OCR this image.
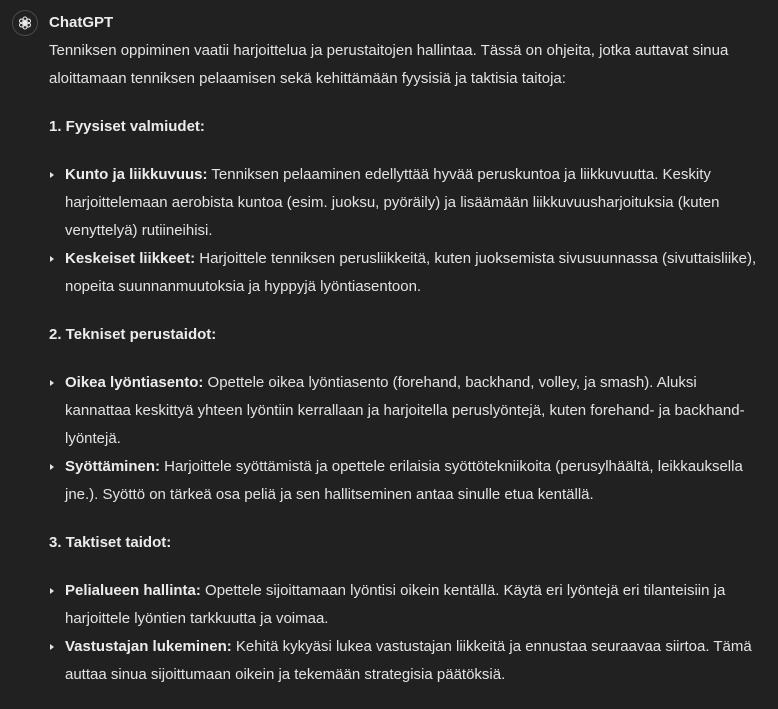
ChatGPT

Tenniksen oppiminen vaatii harjoittelua ja perustaitojen hallintaa. Tässä on ohjeita, jotka auttavat sinua aloittamaan tenniksen pelaamisen sekä kehittämään fyysisiä ja taktisia taitoja:

1. Fyysiset valmiudet:

Kunto ja liikkuvuus: Tenniksen pelaaminen edellyttää hyvää peruskuntoa ja liikkuvuutta. Keskity harjoittelemaan aerobista kuntoa (esim. juoksu, pyöräily) ja lisäämään liikkuvuusharjoituksia (kuten venyttelyä) rutiineihisi.
Keskeiset liikkeet: Harjoittele tenniksen perusliikkeitä, kuten juoksemista sivusuunnassa (sivuttaisliike), nopeita suunnanmuutoksia ja hyppyjä lyöntiasentoon.

2. Tekniset perustaidot:

Oikea lyöntiasento: Opettele oikea lyöntiasento (forehand, backhand, volley, ja smash). Aluksi kannattaa keskittyä yhteen lyöntiin kerrallaan ja harjoitella peruslyöntejä, kuten forehand- ja backhand-lyöntejä.
Syöttäminen: Harjoittele syöttämistä ja opettele erilaisia syöttötekniikoita (perusylhäältä, leikkauksella jne.). Syöttö on tärkeä osa peliä ja sen hallitseminen antaa sinulle etua kentällä.

3. Taktiset taidot:

Pelialueen hallinta: Opettele sijoittamaan lyöntisi oikein kentällä. Käytä eri lyöntejä eri tilanteisiin ja harjoittele lyöntien tarkkuutta ja voimaa.
Vastustajan lukeminen: Kehitä kykyäsi lukea vastustajan liikkeitä ja ennustaa seuraavaa siirtoa. Tämä auttaa sinua sijoittumaan oikein ja tekemään strategisia päätöksiä.
